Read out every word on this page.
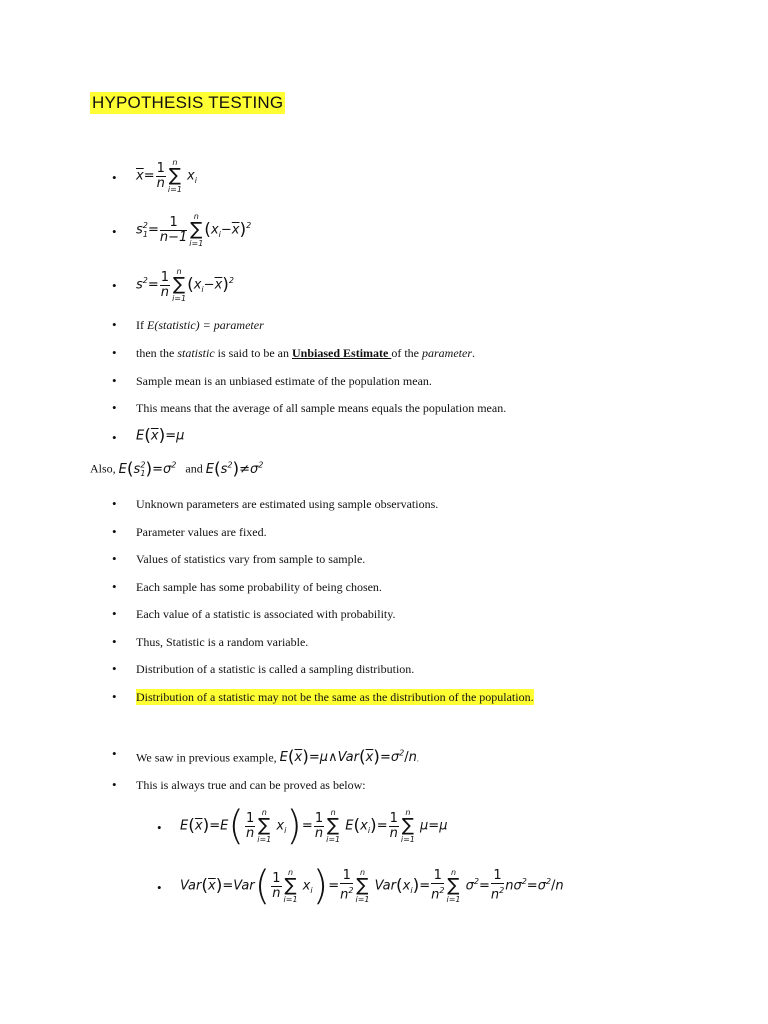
HYPOTHESIS TESTING
• $\overline{x}= \frac{1}{n}$ n
∑
i=1
$x_i$
• $s^2_1= \frac{1}{n-1}$ n
∑
i=1
$(x_i-\overline{x})^2$
• $s^2= \frac{1}{n}$ n
∑
i=1
$(x_i-\overline{x})^2$
• If E(statistic) = parameter
• then the statistic is said to be an Unbiased Estimate of the parameter.
• Sample mean is an unbiased estimate of the population mean.
• This means that the average of all sample means equals the population mean.
• $E(\overline{x})=\mu$
Also, $E(s^2_1)=\sigma^2$ and $E(s^2)\ne\sigma^2$
• Unknown parameters are estimated using sample observations.
• Parameter values are fixed.
• Values of statistics vary from sample to sample.
• Each sample has some probability of being chosen.
• Each value of a statistic is associated with probability.
• Thus, Statistic is a random variable.
• Distribution of a statistic is called a sampling distribution.
• Distribution of a statistic may not be the same as the distribution of the population.
• We saw in previous example, $E(\overline{x})=\mu\wedge Var(\overline{x})=\sigma^2/n$.
• This is always true and can be proved as below:
• $E(\overline{x})=E( \frac{1}{n}$ n
∑
i=1
$x_i)= \frac{1}{n}$ n
∑
i=1
$E(x_i)= \frac{1}{n}$ n
∑
i=1
μ=μ
• $Var(\overline{x})=Var( \frac{1}{n}$ n
∑
i=1
$x_i)= \frac{1}{n^2}$ n
∑
i=1
$Var(x_i)= \frac{1}{n^2}$ n
∑
i=1
$\sigma^2= \frac{1}{n^2} n\sigma^2=\sigma^2/n$
